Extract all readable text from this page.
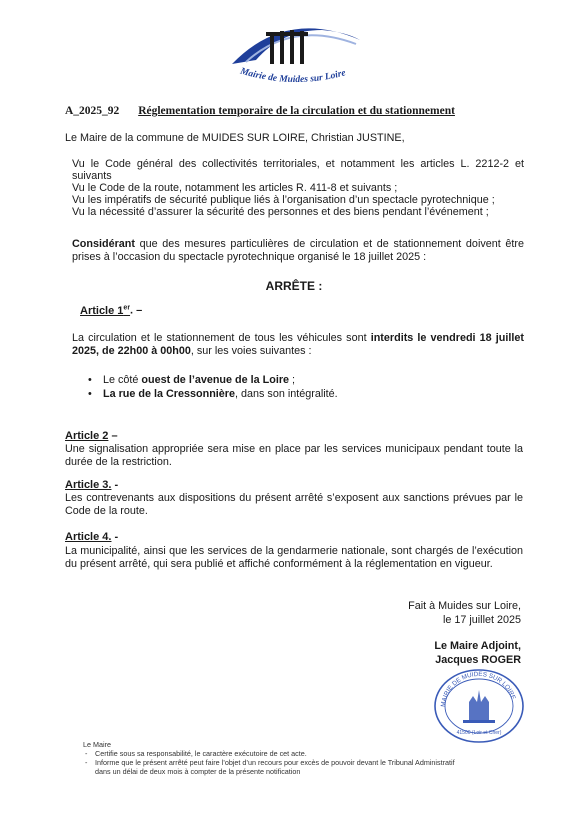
Mairie de Muides sur Loire
A_2025_92 Réglementation temporaire de la circulation et du stationnement
Le Maire de la commune de MUIDES SUR LOIRE, Christian JUSTINE,
Vu le Code général des collectivités territoriales, et notamment les articles L. 2212-2 et suivants
Vu le Code de la route, notamment les articles R. 411-8 et suivants ;
Vu les impératifs de sécurité publique liés à l’organisation d’un spectacle pyrotechnique ;
Vu la nécessité d’assurer la sécurité des personnes et des biens pendant l’événement ;
Considérant que des mesures particulières de circulation et de stationnement doivent être prises à l’occasion du spectacle pyrotechnique organisé le 18 juillet 2025 :
ARRÊTE :
Article 1er. –
La circulation et le stationnement de tous les véhicules sont interdits le vendredi 18 juillet 2025, de 22h00 à 00h00, sur les voies suivantes :
• Le côté ouest de l’avenue de la Loire ;
• La rue de la Cressonnière, dans son intégralité.
Article 2 –
Une signalisation appropriée sera mise en place par les services municipaux pendant toute la durée de la restriction.
Article 3. -
Les contrevenants aux dispositions du présent arrêté s’exposent aux sanctions prévues par le Code de la route.
Article 4. -
La municipalité, ainsi que les services de la gendarmerie nationale, sont chargés de l’exécution du présent arrêté, qui sera publié et affiché conformément à la réglementation en vigueur.
Fait à Muides sur Loire,
le 17 juillet 2025
Le Maire Adjoint,
Jacques ROGER
MAIRIE DE MUIDES SUR LOIRE
41500 (Loir et Cher)
Le Maire
- Certifie sous sa responsabilité, le caractère exécutoire de cet acte.
- Informe que le présent arrêté peut faire l’objet d’un recours pour excès de pouvoir devant le Tribunal Administratif
dans un délai de deux mois à compter de la présente notification
